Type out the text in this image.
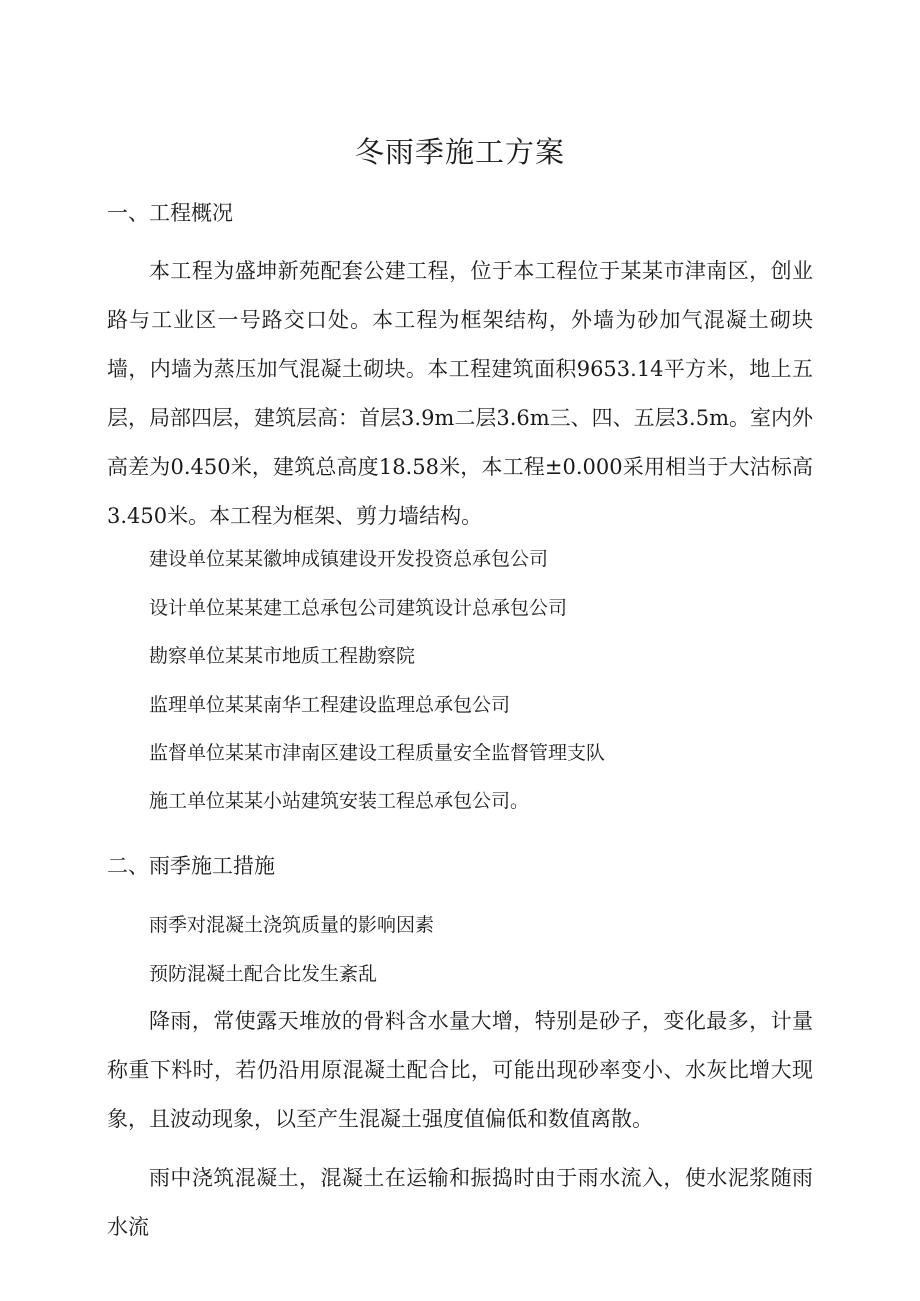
冬雨季施工方案
一、工程概况

本工程为盛坤新苑配套公建工程，位于本工程位于某某市津南区，创业路与工业区一号路交口处。本工程为框架结构，外墙为砂加气混凝土砌块墙，内墙为蒸压加气混凝土砌块。本工程建筑面积9653.14平方米，地上五层，局部四层，建筑层高：首层3.9m二层3.6m三、四、五层3.5m。室内外高差为0.450米，建筑总高度18.58米，本工程±0.000采用相当于大沽标高3.450米。本工程为框架、剪力墙结构。

建设单位某某徽坤成镇建设开发投资总承包公司
设计单位某某建工总承包公司建筑设计总承包公司
勘察单位某某市地质工程勘察院
监理单位某某南华工程建设监理总承包公司
监督单位某某市津南区建设工程质量安全监督管理支队
施工单位某某小站建筑安装工程总承包公司。
二、雨季施工措施
雨季对混凝土浇筑质量的影响因素
预防混凝土配合比发生紊乱

降雨，常使露天堆放的骨料含水量大增，特别是砂子，变化最多，计量称重下料时，若仍沿用原混凝土配合比，可能出现砂率变小、水灰比增大现象，且波动现象，以至产生混凝土强度值偏低和数值离散。

雨中浇筑混凝土，混凝土在运输和振捣时由于雨水流入，使水泥浆随雨水流
